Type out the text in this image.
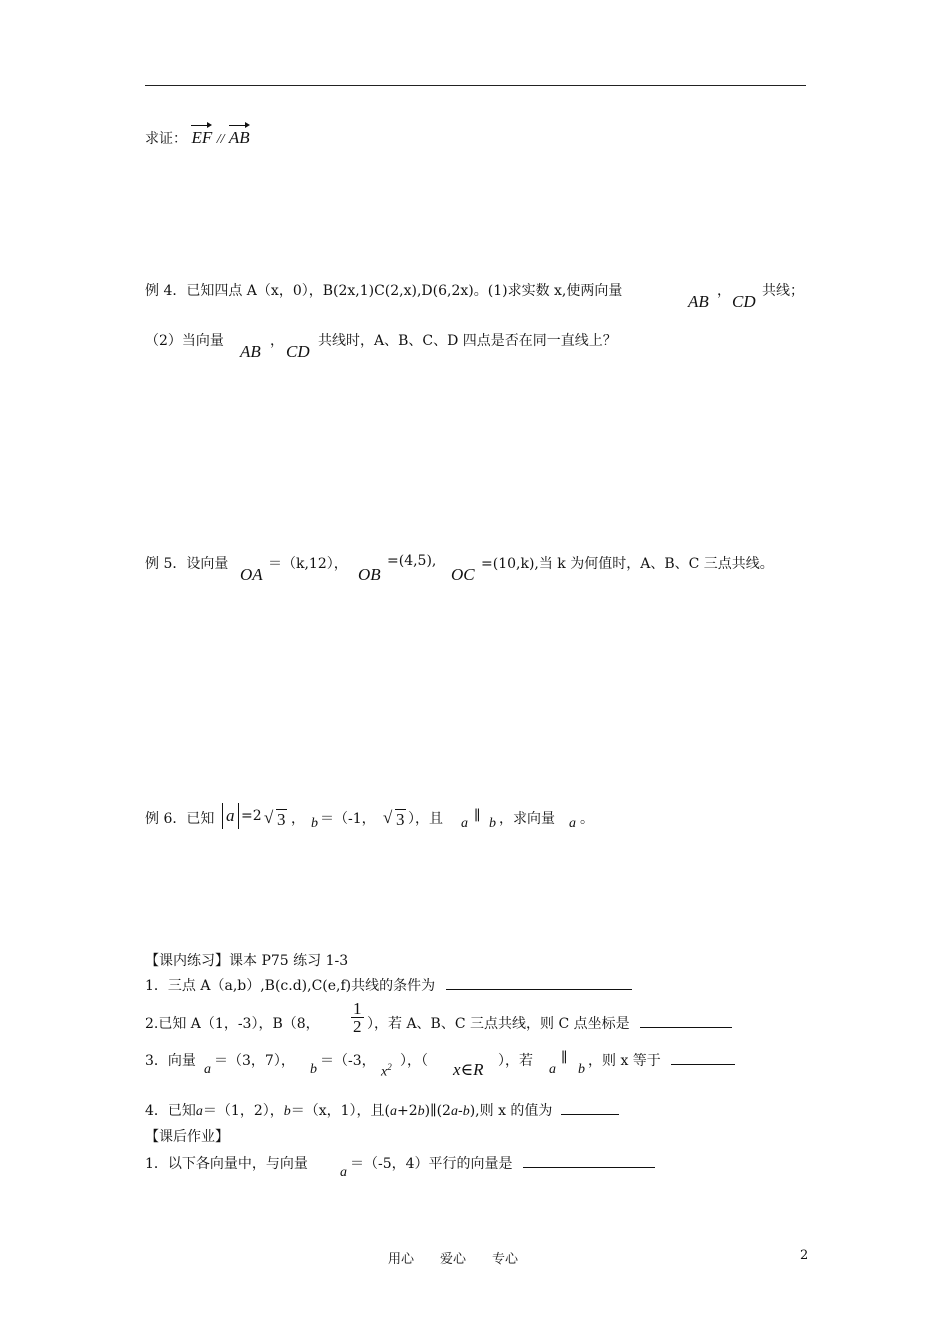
求证： EF // AB
例 4．已知四点 A（x，0），B(2x,1)C(2,x),D(6,2x)。(1)求实数 x,使两向量
AB
，
CD
共线；
（2）当向量
AB
，
CD
共线时，A、B、C、D 四点是否在同一直线上？
例 5．设向量
OA
＝（k,12），
OB
=(4,5),
OC
=(10,k),当 k 为何值时，A、B、C 三点共线。
例 6．已知 a =2 √ 3 ， b ＝（-1， √ 3 ），且 a ∥ b ，求向量 a 。
【课内练习】课本 P75 练习 1-3
1．三点 A（a,b）,B(c.d),C(e,f)共线的条件为
2.已知 A（1，-3），B（8， $\frac{1}{2}$ ），若 A、B、C 三点共线，则 C 点坐标是
3．向量
a
＝（3，7），
b
＝（-3，
$x^2$ ），（ x∈R ），若
a
∥
b
，则 x 等于
4．已知a＝（1，2），b＝（x，1），且(a+2b)∥(2a-b),则 x 的值为
【课后作业】
1．以下各向量中，与向量
a
＝（-5，4）平行的向量是
用心　　爱心　　专心	2
